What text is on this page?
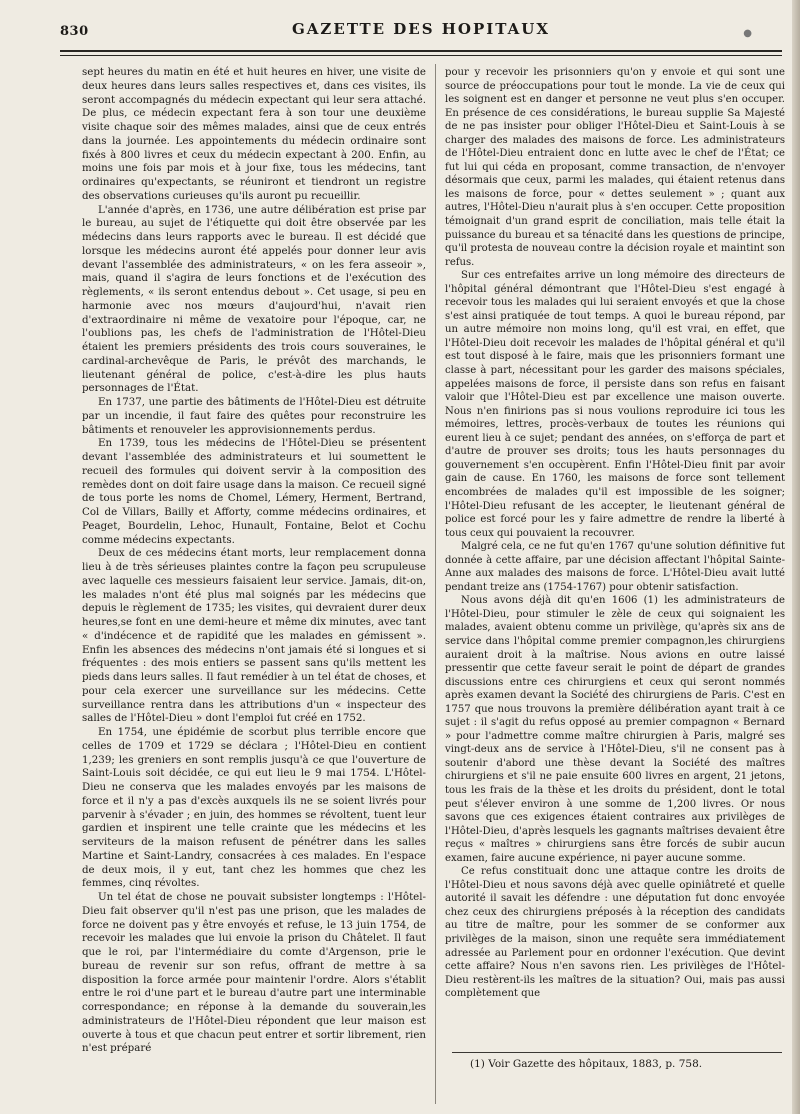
830	GAZETTE DES HOPITAUX	●

sept heures du matin en été et huit heures en hiver, une visite de deux heures dans leurs salles respectives et, dans ces visites, ils seront accompagnés du médecin expectant qui leur sera attaché. De plus, ce médecin expectant fera à son tour une deuxième visite chaque soir des mêmes malades, ainsi que de ceux entrés dans la journée. Les appointements du médecin ordinaire sont fixés à 800 livres et ceux du médecin expectant à 200. Enfin, au moins une fois par mois et à jour fixe, tous les médecins, tant ordinaires qu'expectants, se réuniront et tiendront un registre des observations curieuses qu'ils auront pu recueillir.

L'année d'après, en 1736, une autre délibération est prise par le bureau, au sujet de l'étiquette qui doit être observée par les médecins dans leurs rapports avec le bureau. Il est décidé que lorsque les médecins auront été appelés pour donner leur avis devant l'assemblée des administrateurs, « on les fera asseoir », mais, quand il s'agira de leurs fonctions et de l'exécution des règlements, « ils seront entendus debout ». Cet usage, si peu en harmonie avec nos mœurs d'aujourd'hui, n'avait rien d'extraordinaire ni même de vexatoire pour l'époque, car, ne l'oublions pas, les chefs de l'administration de l'Hôtel-Dieu étaient les premiers présidents des trois cours souveraines, le cardinal-archevêque de Paris, le prévôt des marchands, le lieutenant général de police, c'est-à-dire les plus hauts personnages de l'État.

En 1737, une partie des bâtiments de l'Hôtel-Dieu est détruite par un incendie, il faut faire des quêtes pour reconstruire les bâtiments et renouveler les approvisionnements perdus.

En 1739, tous les médecins de l'Hôtel-Dieu se présentent devant l'assemblée des administrateurs et lui soumettent le recueil des formules qui doivent servir à la composition des remèdes dont on doit faire usage dans la maison. Ce recueil signé de tous porte les noms de Chomel, Lémery, Herment, Bertrand, Col de Villars, Bailly et Afforty, comme médecins ordinaires, et Peaget, Bourdelin, Lehoc, Hunault, Fontaine, Belot et Cochu comme médecins expectants.

Deux de ces médecins étant morts, leur remplacement donna lieu à de très sérieuses plaintes contre la façon peu scrupuleuse avec laquelle ces messieurs faisaient leur service. Jamais, dit-on, les malades n'ont été plus mal soignés par les médecins que depuis le règlement de 1735; les visites, qui devraient durer deux heures,se font en une demi-heure et même dix minutes, avec tant « d'indécence et de rapidité que les malades en gémissent ». Enfin les absences des médecins n'ont jamais été si longues et si fréquentes : des mois entiers se passent sans qu'ils mettent les pieds dans leurs salles. Il faut remédier à un tel état de choses, et pour cela exercer une surveillance sur les médecins. Cette surveillance rentra dans les attributions d'un « inspecteur des salles de l'Hôtel-Dieu » dont l'emploi fut créé en 1752.

En 1754, une épidémie de scorbut plus terrible encore que celles de 1709 et 1729 se déclara ; l'Hôtel-Dieu en contient 1,239; les greniers en sont remplis jusqu'à ce que l'ouverture de Saint-Louis soit décidée, ce qui eut lieu le 9 mai 1754. L'Hôtel-Dieu ne conserva que les malades envoyés par les maisons de force et il n'y a pas d'excès auxquels ils ne se soient livrés pour parvenir à s'évader ; en juin, des hommes se révoltent, tuent leur gardien et inspirent une telle crainte que les médecins et les serviteurs de la maison refusent de pénétrer dans les salles Martine et Saint-Landry, consacrées à ces malades. En l'espace de deux mois, il y eut, tant chez les hommes que chez les femmes, cinq révoltes.

Un tel état de chose ne pouvait subsister longtemps : l'Hôtel-Dieu fait observer qu'il n'est pas une prison, que les malades de force ne doivent pas y être envoyés et refuse, le 13 juin 1754, de recevoir les malades que lui envoie la prison du Châtelet. Il faut que le roi, par l'intermédiaire du comte d'Argenson, prie le bureau de revenir sur son refus, offrant de mettre à sa disposition la force armée pour maintenir l'ordre. Alors s'établit entre le roi d'une part et le bureau d'autre part une interminable correspondance; en réponse à la demande du souverain,les administrateurs de l'Hôtel-Dieu répondent que leur maison est ouverte à tous et que chacun peut entrer et sortir librement, rien n'est préparé

pour y recevoir les prisonniers qu'on y envoie et qui sont une source de préoccupations pour tout le monde. La vie de ceux qui les soignent est en danger et personne ne veut plus s'en occuper. En présence de ces considérations, le bureau supplie Sa Majesté de ne pas insister pour obliger l'Hôtel-Dieu et Saint-Louis à se charger des malades des maisons de force. Les administrateurs de l'Hôtel-Dieu entraient donc en lutte avec le chef de l'État; ce fut lui qui céda en proposant, comme transaction, de n'envoyer désormais que ceux, parmi les malades, qui étaient retenus dans les maisons de force, pour « dettes seulement » ; quant aux autres, l'Hôtel-Dieu n'aurait plus à s'en occuper. Cette proposition témoignait d'un grand esprit de conciliation, mais telle était la puissance du bureau et sa ténacité dans les questions de principe, qu'il protesta de nouveau contre la décision royale et maintint son refus.

Sur ces entrefaites arrive un long mémoire des directeurs de l'hôpital général démontrant que l'Hôtel-Dieu s'est engagé à recevoir tous les malades qui lui seraient envoyés et que la chose s'est ainsi pratiquée de tout temps. A quoi le bureau répond, par un autre mémoire non moins long, qu'il est vrai, en effet, que l'Hôtel-Dieu doit recevoir les malades de l'hôpital général et qu'il est tout disposé à le faire, mais que les prisonniers formant une classe à part, nécessitant pour les garder des maisons spéciales, appelées maisons de force, il persiste dans son refus en faisant valoir que l'Hôtel-Dieu est par excellence une maison ouverte. Nous n'en finirions pas si nous voulions reproduire ici tous les mémoires, lettres, procès-verbaux de toutes les réunions qui eurent lieu à ce sujet; pendant des années, on s'efforça de part et d'autre de prouver ses droits; tous les hauts personnages du gouvernement s'en occupèrent. Enfin l'Hôtel-Dieu finit par avoir gain de cause. En 1760, les maisons de force sont tellement encombrées de malades qu'il est impossible de les soigner; l'Hôtel-Dieu refusant de les accepter, le lieutenant général de police est forcé pour les y faire admettre de rendre la liberté à tous ceux qui pouvaient la recouvrer.

Malgré cela, ce ne fut qu'en 1767 qu'une solution définitive fut donnée à cette affaire, par une décision affectant l'hôpital Sainte-Anne aux malades des maisons de force. L'Hôtel-Dieu avait lutté pendant treize ans (1754-1767) pour obtenir satisfaction.

Nous avons déjà dit qu'en 1606 (1) les administrateurs de l'Hôtel-Dieu, pour stimuler le zèle de ceux qui soignaient les malades, avaient obtenu comme un privilège, qu'après six ans de service dans l'hôpital comme premier compagnon,les chirurgiens auraient droit à la maîtrise. Nous avions en outre laissé pressentir que cette faveur serait le point de départ de grandes discussions entre ces chirurgiens et ceux qui seront nommés après examen devant la Société des chirurgiens de Paris. C'est en 1757 que nous trouvons la première délibération ayant trait à ce sujet : il s'agit du refus opposé au premier compagnon « Bernard » pour l'admettre comme maître chirurgien à Paris, malgré ses vingt-deux ans de service à l'Hôtel-Dieu, s'il ne consent pas à soutenir d'abord une thèse devant la Société des maîtres chirurgiens et s'il ne paie ensuite 600 livres en argent, 21 jetons, tous les frais de la thèse et les droits du président, dont le total peut s'élever environ à une somme de 1,200 livres. Or nous savons que ces exigences étaient contraires aux privilèges de l'Hôtel-Dieu, d'après lesquels les gagnants maîtrises devaient être reçus « maîtres » chirurgiens sans être forcés de subir aucun examen, faire aucune expérience, ni payer aucune somme.

Ce refus constituait donc une attaque contre les droits de l'Hôtel-Dieu et nous savons déjà avec quelle opiniâtreté et quelle autorité il savait les défendre : une députation fut donc envoyée chez ceux des chirurgiens préposés à la réception des candidats au titre de maître, pour les sommer de se conformer aux privilèges de la maison, sinon une requête sera immédiatement adressée au Parlement pour en ordonner l'exécution. Que devint cette affaire? Nous n'en savons rien. Les privilèges de l'Hôtel-Dieu restèrent-ils les maîtres de la situation? Oui, mais pas aussi complètement que

(1) Voir Gazette des hôpitaux, 1883, p. 758.
